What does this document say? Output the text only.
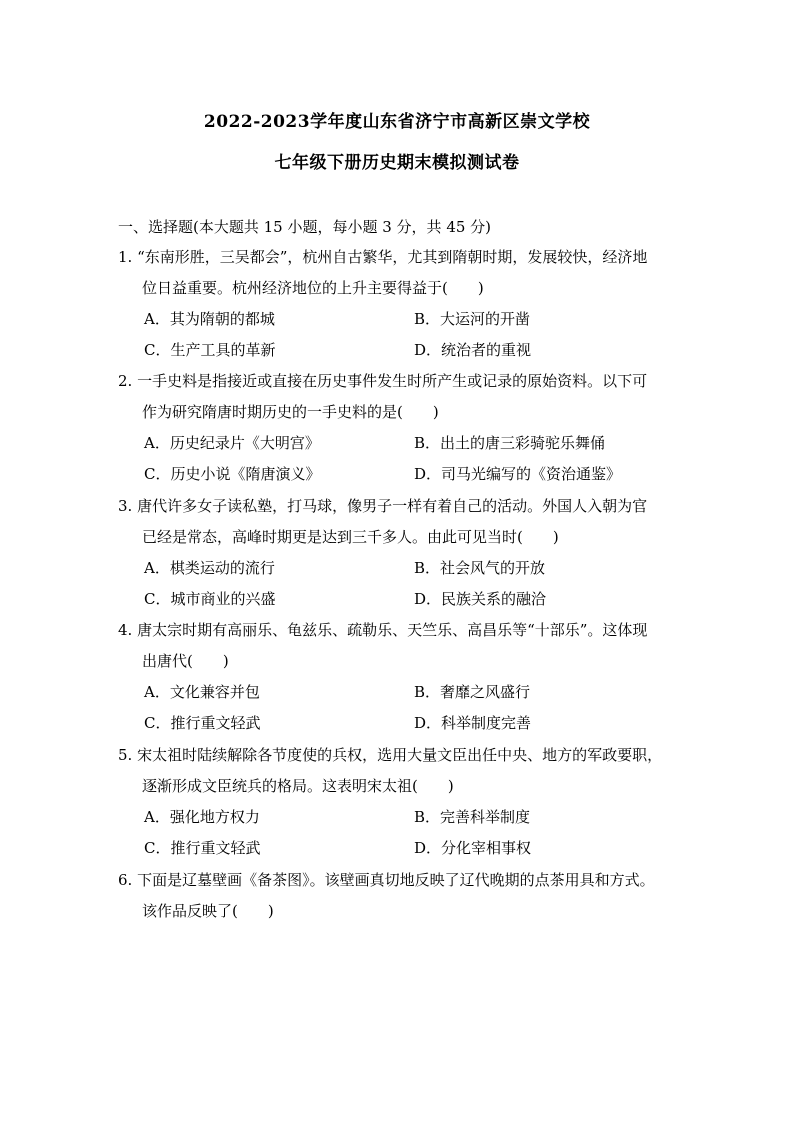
2022-2023学年度山东省济宁市高新区崇文学校
七年级下册历史期末模拟测试卷
一、选择题(本大题共 15 小题，每小题 3 分，共 45 分)
1. “东南形胜，三吴都会”，杭州自古繁华，尤其到隋朝时期，发展较快，经济地
位日益重要。杭州经济地位的上升主要得益于(　　)
A．其为隋朝的都城	B．大运河的开凿
C．生产工具的革新	D．统治者的重视
2. 一手史料是指接近或直接在历史事件发生时所产生或记录的原始资料。以下可
作为研究隋唐时期历史的一手史料的是(　　)
A．历史纪录片《大明宫》	B．出土的唐三彩骑驼乐舞俑
C．历史小说《隋唐演义》	D．司马光编写的《资治通鉴》
3. 唐代许多女子读私塾，打马球，像男子一样有着自己的活动。外国人入朝为官
已经是常态，高峰时期更是达到三千多人。由此可见当时(　　)
A．棋类运动的流行	B．社会风气的开放
C．城市商业的兴盛	D．民族关系的融洽
4. 唐太宗时期有高丽乐、龟兹乐、疏勒乐、天竺乐、高昌乐等“十部乐”。这体现
出唐代(　　)
A．文化兼容并包	B．奢靡之风盛行
C．推行重文轻武	D．科举制度完善
5. 宋太祖时陆续解除各节度使的兵权，选用大量文臣出任中央、地方的军政要职，
逐渐形成文臣统兵的格局。这表明宋太祖(　　)
A．强化地方权力	B．完善科举制度
C．推行重文轻武	D．分化宰相事权
6. 下面是辽墓壁画《备茶图》。该壁画真切地反映了辽代晚期的点茶用具和方式。
该作品反映了(　　)
